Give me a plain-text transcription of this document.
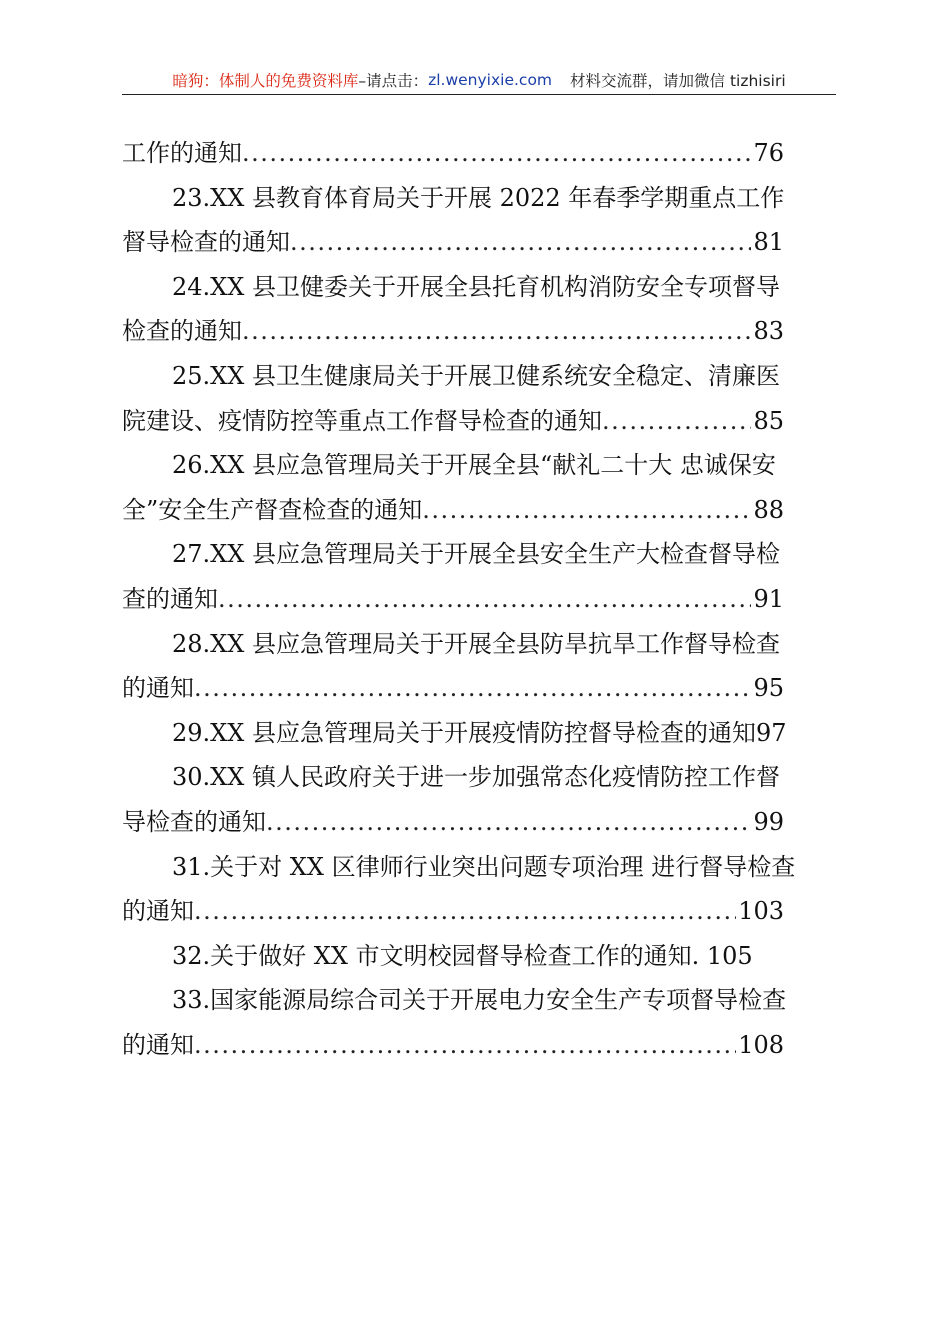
暗狗：体制人的免费资料库 –请点击： zl.wenyixie.com 材料交流群，请加微信 tizhisiri
工作的通知 .....	76
23.XX 县教育体育局关于开展 2022 年春季学期重点工作
督导检查的通知 .....	81
24.XX 县卫健委关于开展全县托育机构消防安全专项督导
检查的通知 .....	83
25.XX 县卫生健康局关于开展卫健系统安全稳定、清廉医
院建设、疫情防控等重点工作督导检查的通知 .....	85
26.XX 县应急管理局关于开展全县“献礼二十大 忠诚保安
全”安全生产督查检查的通知 .....	88
27.XX 县应急管理局关于开展全县安全生产大检查督导检
查的通知 .....	91
28.XX 县应急管理局关于开展全县防旱抗旱工作督导检查
的通知 .....	95
29.XX 县应急管理局关于开展疫情防控督导检查的通知97
30.XX 镇人民政府关于进一步加强常态化疫情防控工作督
导检查的通知 .....	99
31.关于对 XX 区律师行业突出问题专项治理 进行督导检查
的通知 .....	103
32.关于做好 XX 市文明校园督导检查工作的通知. 105
33.国家能源局综合司关于开展电力安全生产专项督导检查
的通知 .....	108
